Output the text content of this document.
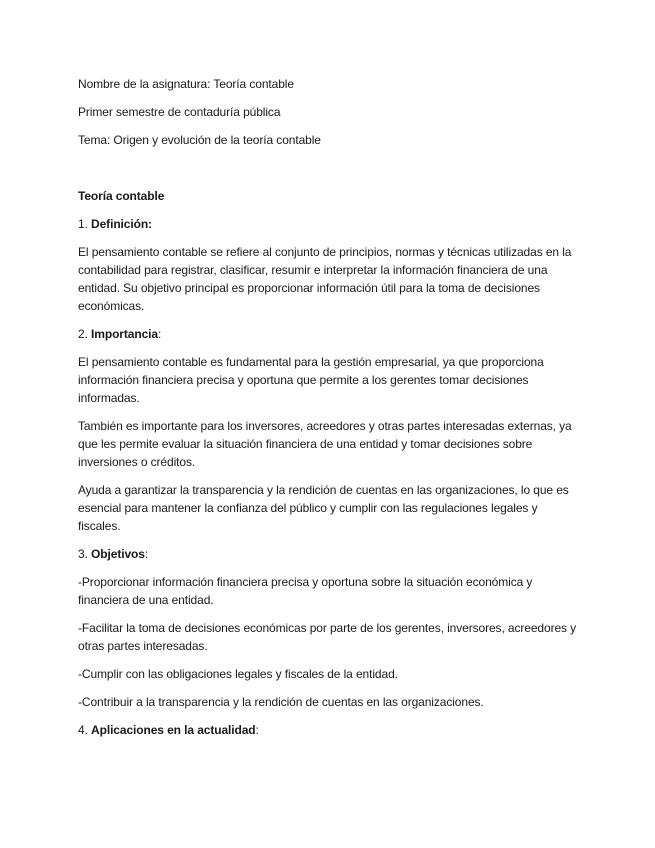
Nombre de la asignatura: Teoría contable

Primer semestre de contaduría pública

Tema: Origen y evolución de la teoría contable

Teoría contable

1. Definición:

El pensamiento contable se refiere al conjunto de principios, normas y técnicas utilizadas en la contabilidad para registrar, clasificar, resumir e interpretar la información financiera de una entidad. Su objetivo principal es proporcionar información útil para la toma de decisiones económicas.

2. Importancia:

El pensamiento contable es fundamental para la gestión empresarial, ya que proporciona información financiera precisa y oportuna que permite a los gerentes tomar decisiones informadas.

También es importante para los inversores, acreedores y otras partes interesadas externas, ya que les permite evaluar la situación financiera de una entidad y tomar decisiones sobre inversiones o créditos.

Ayuda a garantizar la transparencia y la rendición de cuentas en las organizaciones, lo que es esencial para mantener la confianza del público y cumplir con las regulaciones legales y fiscales.

3. Objetivos:

-Proporcionar información financiera precisa y oportuna sobre la situación económica y financiera de una entidad.

-Facilitar la toma de decisiones económicas por parte de los gerentes, inversores, acreedores y otras partes interesadas.

-Cumplir con las obligaciones legales y fiscales de la entidad.

-Contribuir a la transparencia y la rendición de cuentas en las organizaciones.

4. Aplicaciones en la actualidad:
